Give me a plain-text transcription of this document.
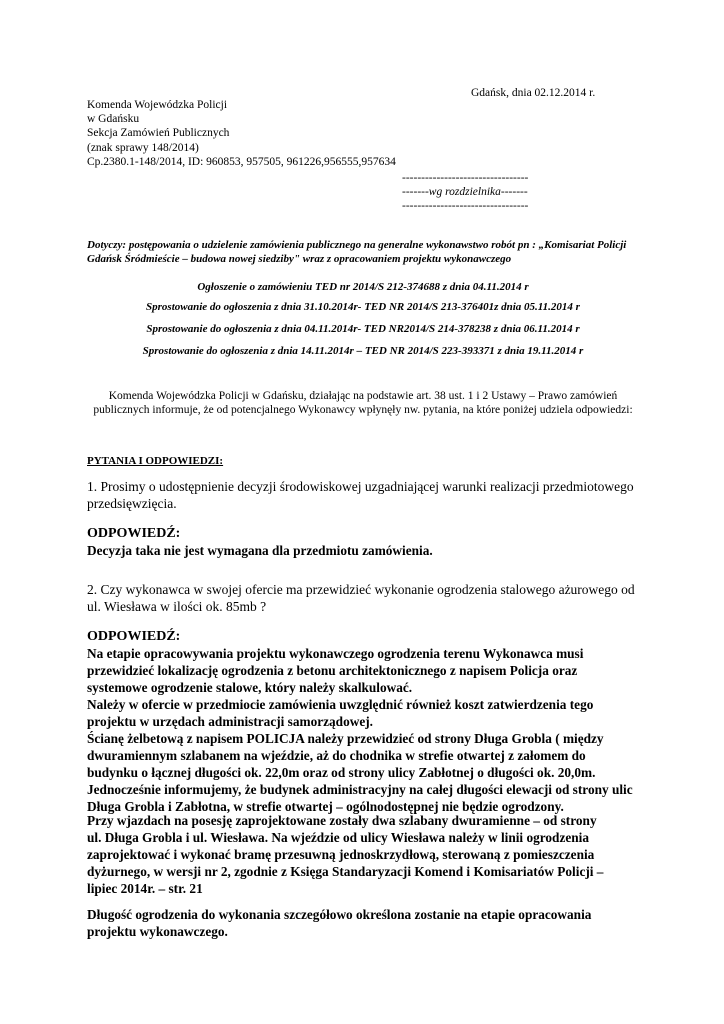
Gdańsk, dnia 02.12.2014 r.
Komenda Wojewódzka Policji
w Gdańsku
Sekcja Zamówień Publicznych
(znak sprawy 148/2014)
Cp.2380.1-148/2014, ID: 960853, 957505, 961226,956555,957634
---------------------------------
-------wg rozdzielnika-------
---------------------------------
Dotyczy: postępowania o udzielenie zamówienia publicznego na generalne wykonawstwo robót pn : „Komisariat Policji Gdańsk Śródmieście – budowa nowej siedziby" wraz z opracowaniem projektu wykonawczego
Ogłoszenie o zamówieniu TED nr 2014/S 212-374688 z dnia 04.11.2014 r
Sprostowanie do ogłoszenia z dnia 31.10.2014r- TED NR 2014/S 213-376401z dnia 05.11.2014 r
Sprostowanie do ogłoszenia z dnia 04.11.2014r- TED NR2014/S 214-378238 z dnia 06.11.2014 r
Sprostowanie do ogłoszenia z dnia 14.11.2014r – TED NR 2014/S 223-393371 z dnia 19.11.2014 r
Komenda Wojewódzka Policji w Gdańsku, działając na podstawie art. 38 ust. 1 i 2 Ustawy – Prawo zamówień publicznych informuje, że od potencjalnego Wykonawcy wpłynęły nw. pytania, na które poniżej udziela odpowiedzi:
PYTANIA I ODPOWIEDZI:
1. Prosimy o udostępnienie decyzji środowiskowej uzgadniającej warunki realizacji przedmiotowego przedsięwzięcia.
ODPOWIEDŹ:
Decyzja taka nie jest wymagana dla przedmiotu zamówienia.
2. Czy wykonawca w swojej ofercie ma przewidzieć wykonanie ogrodzenia stalowego ażurowego od ul. Wiesława w ilości ok. 85mb ?
ODPOWIEDŹ:
Na etapie opracowywania projektu wykonawczego ogrodzenia terenu Wykonawca musi
przewidzieć lokalizację ogrodzenia z betonu architektonicznego z napisem Policja oraz
systemowe ogrodzenie stalowe, który należy skalkulować.
Należy w ofercie w przedmiocie zamówienia uwzględnić również koszt zatwierdzenia tego
projektu w urzędach administracji samorządowej.
Ścianę żelbetową z napisem POLICJA należy przewidzieć od strony Długa Grobla ( między
dwuramiennym szlabanem na wjeździe, aż do chodnika w strefie otwartej z załomem do
budynku o łącznej długości ok. 22,0m oraz od strony ulicy Zabłotnej o długości ok. 20,0m.
Jednocześnie informujemy, że budynek administracyjny na całej długości elewacji od strony ulic
Długa Grobla i Zabłotna, w strefie otwartej – ogólnodostępnej nie będzie ogrodzony.
Przy wjazdach na posesję zaprojektowane zostały dwa szlabany dwuramienne – od strony
ul. Długa Grobla i ul. Wiesława. Na wjeździe od ulicy Wiesława należy w linii ogrodzenia
zaprojektować i wykonać bramę przesuwną jednoskrzydłową, sterowaną z pomieszczenia
dyżurnego, w wersji nr 2, zgodnie z Księga Standaryzacji Komend i Komisariatów Policji –
lipiec 2014r. – str. 21
Długość ogrodzenia do wykonania szczegółowo określona zostanie na etapie opracowania
projektu wykonawczego.
